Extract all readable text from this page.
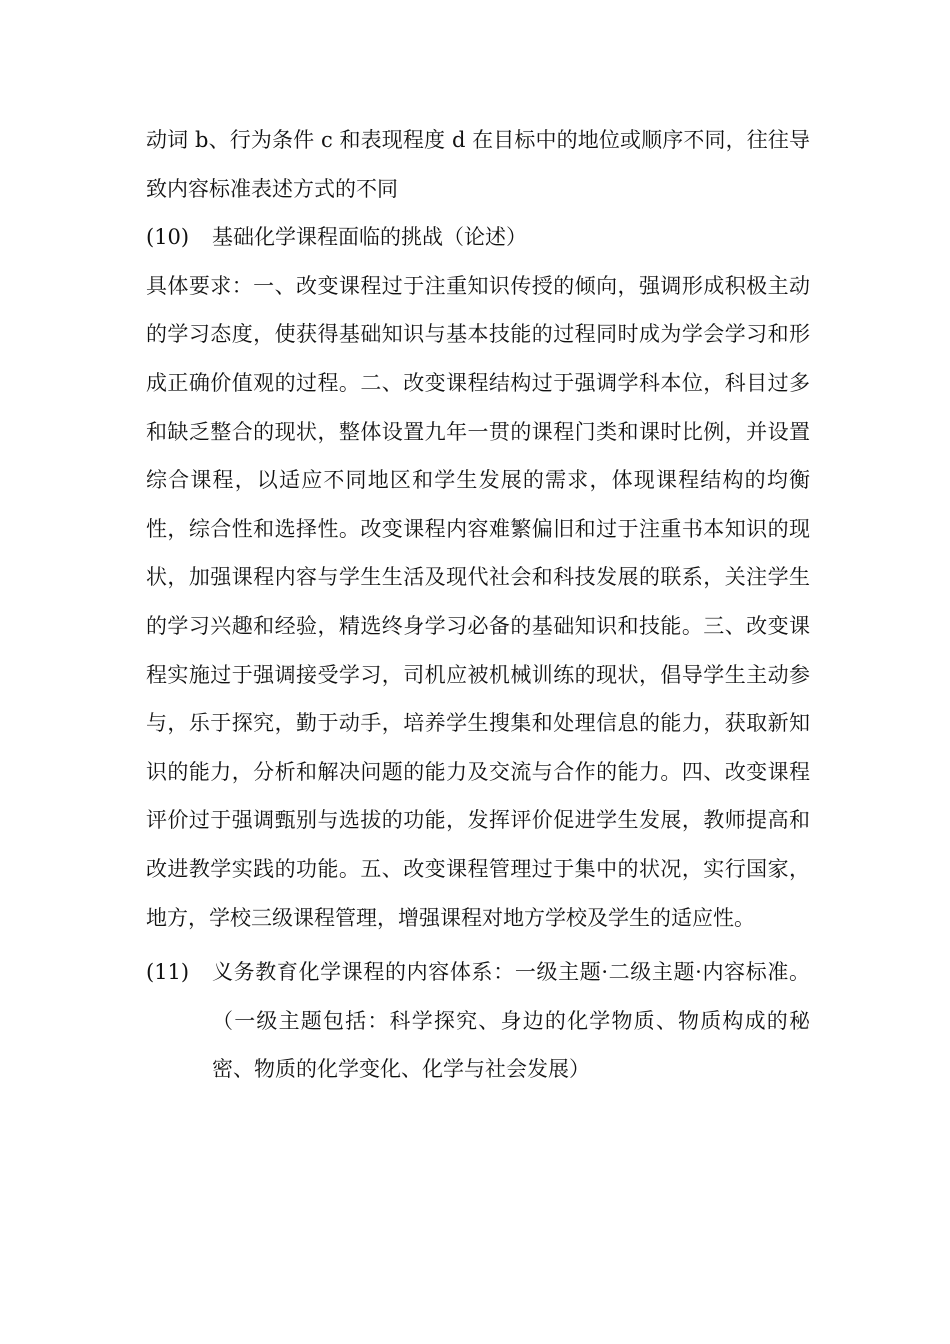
动词 b、行为条件 c 和表现程度 d 在目标中的地位或顺序不同，往往导致内容标准表述方式的不同

(10)	基础化学课程面临的挑战（论述）

具体要求：一、改变课程过于注重知识传授的倾向，强调形成积极主动的学习态度，使获得基础知识与基本技能的过程同时成为学会学习和形成正确价值观的过程。二、改变课程结构过于强调学科本位，科目过多和缺乏整合的现状，整体设置九年一贯的课程门类和课时比例，并设置综合课程，以适应不同地区和学生发展的需求，体现课程结构的均衡性，综合性和选择性。改变课程内容难繁偏旧和过于注重书本知识的现状，加强课程内容与学生生活及现代社会和科技发展的联系，关注学生的学习兴趣和经验，精选终身学习必备的基础知识和技能。三、改变课程实施过于强调接受学习，司机应被机械训练的现状，倡导学生主动参与，乐于探究，勤于动手，培养学生搜集和处理信息的能力，获取新知识的能力，分析和解决问题的能力及交流与合作的能力。四、改变课程评价过于强调甄别与选拔的功能，发挥评价促进学生发展，教师提高和改进教学实践的功能。五、改变课程管理过于集中的状况，实行国家，地方，学校三级课程管理，增强课程对地方学校及学生的适应性。

(11)	义务教育化学课程的内容体系：一级主题·二级主题·内容标准。（一级主题包括：科学探究、身边的化学物质、物质构成的秘密、物质的化学变化、化学与社会发展）
